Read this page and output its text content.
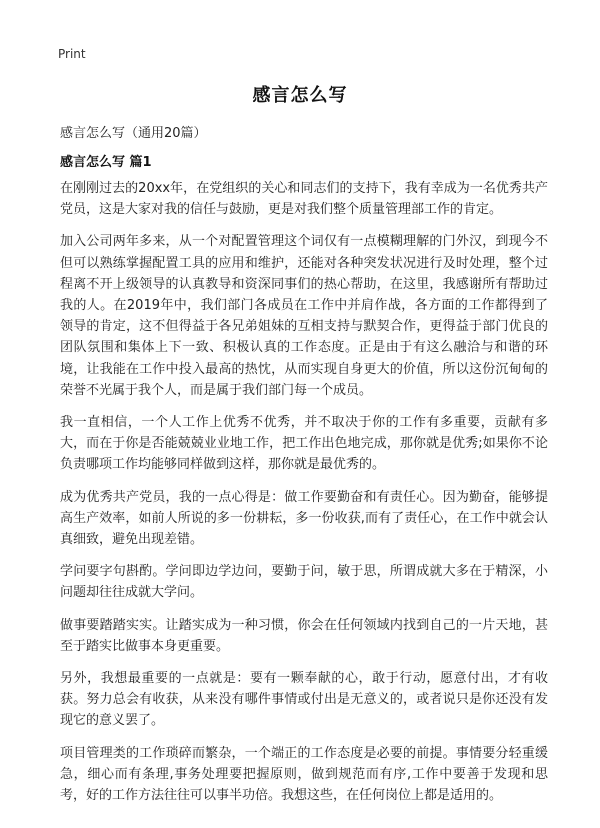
Print
感言怎么写
感言怎么写（通用20篇）
感言怎么写 篇1

在刚刚过去的20xx年，在党组织的关心和同志们的支持下，我有幸成为一名优秀共产党员，这是大家对我的信任与鼓励，更是对我们整个质量管理部工作的肯定。

加入公司两年多来，从一个对配置管理这个词仅有一点模糊理解的门外汉，到现今不但可以熟练掌握配置工具的应用和维护，还能对各种突发状况进行及时处理，整个过程离不开上级领导的认真教导和资深同事们的热心帮助，在这里，我感谢所有帮助过我的人。在2019年中，我们部门各成员在工作中并肩作战，各方面的工作都得到了领导的肯定，这不但得益于各兄弟姐妹的互相支持与默契合作，更得益于部门优良的团队氛围和集体上下一致、积极认真的工作态度。正是由于有这么融洽与和谐的环境，让我能在工作中投入最高的热忱，从而实现自身更大的价值，所以这份沉甸甸的荣誉不光属于我个人，而是属于我们部门每一个成员。

我一直相信，一个人工作上优秀不优秀，并不取决于你的工作有多重要，贡献有多大，而在于你是否能兢兢业业地工作，把工作出色地完成，那你就是优秀;如果你不论负责哪项工作均能够同样做到这样，那你就是最优秀的。

成为优秀共产党员，我的一点心得是：做工作要勤奋和有责任心。因为勤奋，能够提高生产效率，如前人所说的多一份耕耘，多一份收获,而有了责任心，在工作中就会认真细致，避免出现差错。

学问要字句斟酌。学问即边学边问，要勤于问，敏于思，所谓成就大多在于精深，小问题却往往成就大学问。

做事要踏踏实实。让踏实成为一种习惯，你会在任何领域内找到自己的一片天地，甚至于踏实比做事本身更重要。

另外，我想最重要的一点就是：要有一颗奉献的心，敢于行动，愿意付出，才有收获。努力总会有收获，从来没有哪件事情或付出是无意义的，或者说只是你还没有发现它的意义罢了。

项目管理类的工作琐碎而繁杂，一个端正的工作态度是必要的前提。事情要分轻重缓急，细心而有条理,事务处理要把握原则，做到规范而有序,工作中要善于发现和思考，好的工作方法往往可以事半功倍。我想这些，在任何岗位上都是适用的。
